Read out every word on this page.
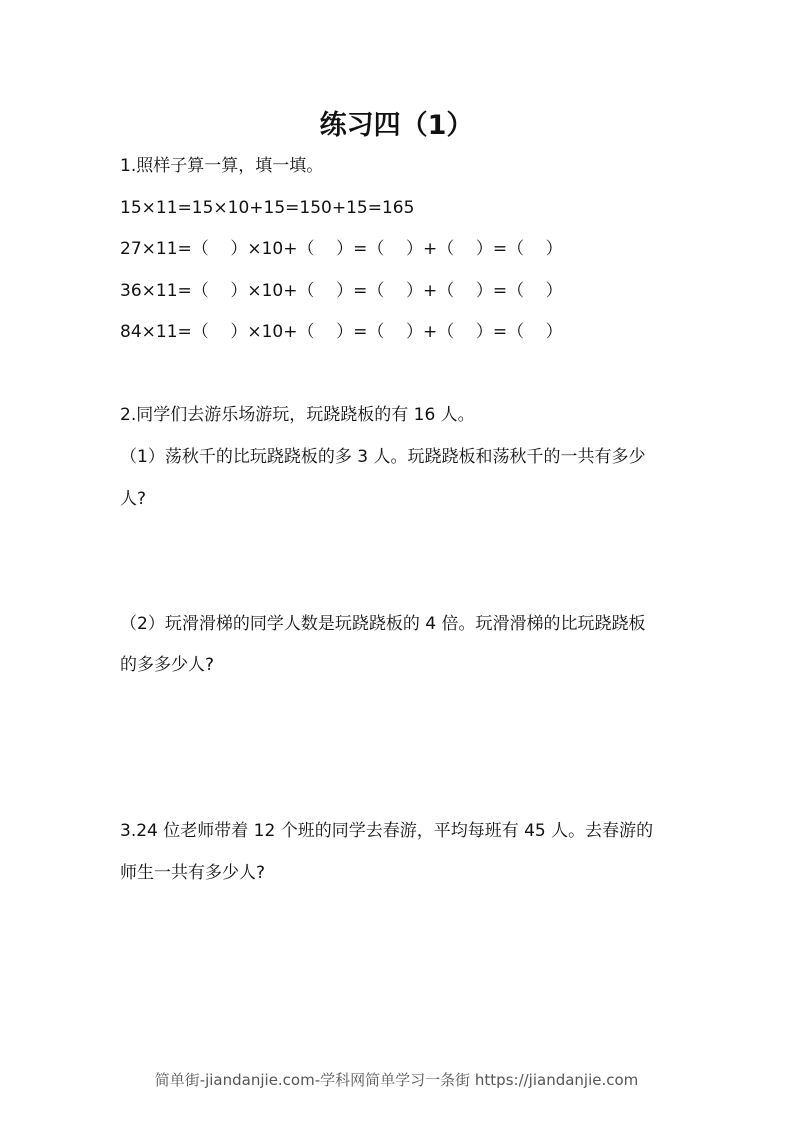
练习四（1）

1.照样子算一算，填一填。

15×11=15×10+15=150+15=165

27×11=（    ）×10+（    ）=（    ）+（    ）=（    ）

36×11=（    ）×10+（    ）=（    ）+（    ）=（    ）

84×11=（    ）×10+（    ）=（    ）+（    ）=（    ）

2.同学们去游乐场游玩，玩跷跷板的有 16 人。

（1）荡秋千的比玩跷跷板的多 3 人。玩跷跷板和荡秋千的一共有多少

人?

（2）玩滑滑梯的同学人数是玩跷跷板的 4 倍。玩滑滑梯的比玩跷跷板

的多多少人?

3.24 位老师带着 12 个班的同学去春游，平均每班有 45 人。去春游的

师生一共有多少人?

简单街-jiandanjie.com-学科网简单学习一条街 https://jiandanjie.com
